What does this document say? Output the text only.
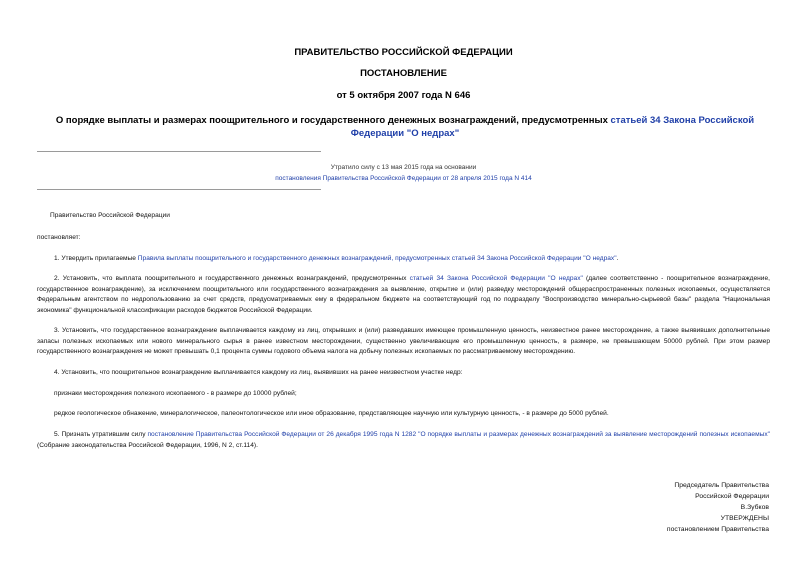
ПРАВИТЕЛЬСТВО РОССИЙСКОЙ ФЕДЕРАЦИИ
ПОСТАНОВЛЕНИЕ
от 5 октября 2007 года N 646
О порядке выплаты и размерах поощрительного и государственного денежных вознаграждений, предусмотренных статьей 34 Закона Российской Федерации "О недрах"
Утратило силу с 13 мая 2015 года на основании
постановления Правительства Российской Федерации от 28 апреля 2015 года N 414
Правительство Российской Федерации
постановляет:
1. Утвердить прилагаемые Правила выплаты поощрительного и государственного денежных вознаграждений, предусмотренных статьей 34 Закона Российской Федерации "О недрах".
2. Установить, что выплата поощрительного и государственного денежных вознаграждений, предусмотренных статьей 34 Закона Российской Федерации "О недрах" (далее соответственно - поощрительное вознаграждение, государственное вознаграждение), за исключением поощрительного или государственного вознаграждения за выявление, открытие и (или) разведку месторождений общераспространенных полезных ископаемых, осуществляется Федеральным агентством по недропользованию за счет средств, предусматриваемых ему в федеральном бюджете на соответствующий год по подразделу "Воспроизводство минерально-сырьевой базы" раздела "Национальная экономика" функциональной классификации расходов бюджетов Российской Федерации.
3. Установить, что государственное вознаграждение выплачивается каждому из лиц, открывших и (или) разведавших имеющее промышленную ценность, неизвестное ранее месторождение, а также выявивших дополнительные запасы полезных ископаемых или нового минерального сырья в ранее известном месторождении, существенно увеличивающие его промышленную ценность, в размере, не превышающем 50000 рублей. При этом размер государственного вознаграждения не может превышать 0,1 процента суммы годового объема налога на добычу полезных ископаемых по рассматриваемому месторождению.
4. Установить, что поощрительное вознаграждение выплачивается каждому из лиц, выявивших на ранее неизвестном участке недр:
признаки месторождения полезного ископаемого - в размере до 10000 рублей;
редкое геологическое обнажение, минералогическое, палеонтологическое или иное образование, представляющее научную или культурную ценность, - в размере до 5000 рублей.
5. Признать утратившим силу постановление Правительства Российской Федерации от 26 декабря 1995 года N 1282 "О порядке выплаты и размерах денежных вознаграждений за выявление месторождений полезных ископаемых" (Собрание законодательства Российской Федерации, 1996, N 2, ст.114).
Председатель Правительства
Российской Федерации
В.Зубков
УТВЕРЖДЕНЫ
постановлением Правительства
